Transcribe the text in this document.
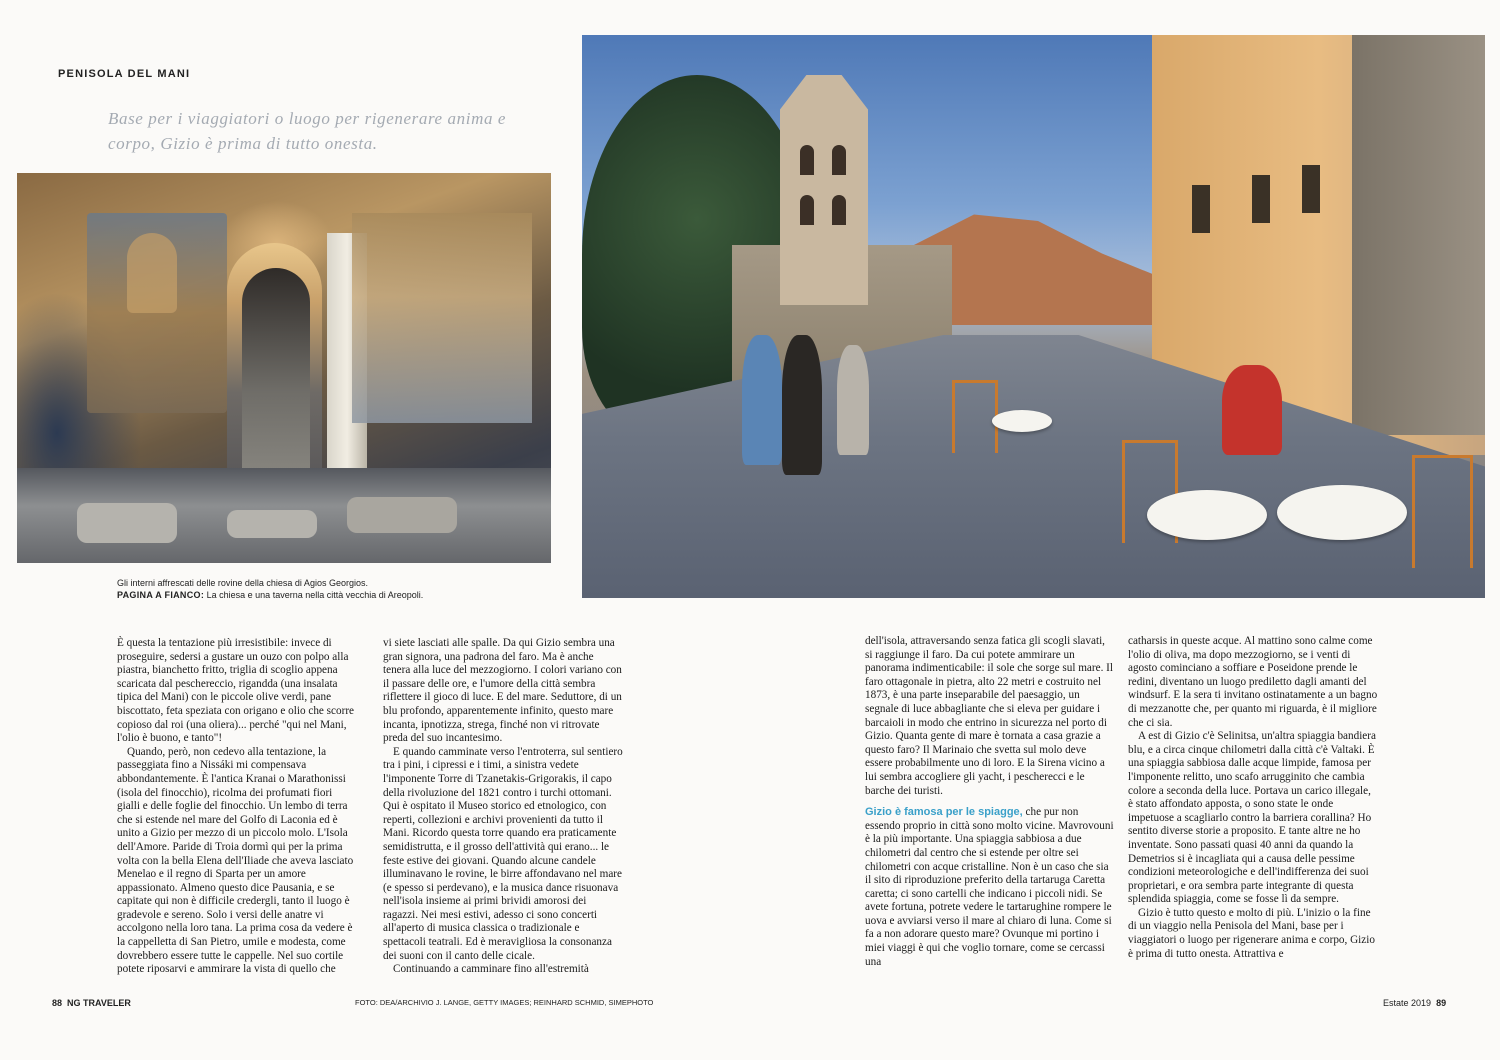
PENISOLA DEL MANI
Base per i viaggiatori o luogo per rigenerare anima e corpo, Gizio è prima di tutto onesta.
Gli interni affrescati delle rovine della chiesa di Agios Georgios.
PAGINA A FIANCO: La chiesa e una taverna nella città vecchia di Areopoli.

È questa la tentazione più irresistibile: invece di proseguire, sedersi a gustare un ouzo con polpo alla piastra, bianchetto fritto, triglia di scoglio appena scaricata dal peschereccio, rigandda (una insalata tipica del Mani) con le piccole olive verdi, pane biscottato, feta speziata con origano e olio che scorre copioso dal roi (una oliera)... perché "qui nel Mani, l'olio è buono, e tanto"!

Quando, però, non cedevo alla tentazione, la passeggiata fino a Nissáki mi compensava abbondantemente. È l'antica Kranai o Marathonissi (isola del finocchio), ricolma dei profumati fiori gialli e delle foglie del finocchio. Un lembo di terra che si estende nel mare del Golfo di Laconia ed è unito a Gizio per mezzo di un piccolo molo. L'Isola dell'Amore. Paride di Troia dormì qui per la prima volta con la bella Elena dell'Iliade che aveva lasciato Menelao e il regno di Sparta per un amore appassionato. Almeno questo dice Pausania, e se capitate qui non è difficile credergli, tanto il luogo è gradevole e sereno. Solo i versi delle anatre vi accolgono nella loro tana. La prima cosa da vedere è la cappelletta di San Pietro, umile e modesta, come dovrebbero essere tutte le cappelle. Nel suo cortile potete riposarvi e ammirare la vista di quello che

vi siete lasciati alle spalle. Da qui Gizio sembra una gran signora, una padrona del faro. Ma è anche tenera alla luce del mezzogiorno. I colori variano con il passare delle ore, e l'umore della città sembra riflettere il gioco di luce. E del mare. Seduttore, di un blu profondo, apparentemente infinito, questo mare incanta, ipnotizza, strega, finché non vi ritrovate preda del suo incantesimo.

E quando camminate verso l'entroterra, sul sentiero tra i pini, i cipressi e i timi, a sinistra vedete l'imponente Torre di Tzanetakis-Grigorakis, il capo della rivoluzione del 1821 contro i turchi ottomani. Qui è ospitato il Museo storico ed etnologico, con reperti, collezioni e archivi provenienti da tutto il Mani. Ricordo questa torre quando era praticamente semidistrutta, e il grosso dell'attività qui erano... le feste estive dei giovani. Quando alcune candele illuminavano le rovine, le birre affondavano nel mare (e spesso si perdevano), e la musica dance risuonava nell'isola insieme ai primi brividi amorosi dei ragazzi. Nei mesi estivi, adesso ci sono concerti all'aperto di musica classica o tradizionale e spettacoli teatrali. Ed è meravigliosa la consonanza dei suoni con il canto delle cicale.

Continuando a camminare fino all'estremità

88 NG TRAVELER	FOTO: DEA/ARCHIVIO J. LANGE, GETTY IMAGES; REINHARD SCHMID, SIMEPHOTO

dell'isola, attraversando senza fatica gli scogli slavati, si raggiunge il faro. Da cui potete ammirare un panorama indimenticabile: il sole che sorge sul mare. Il faro ottagonale in pietra, alto 22 metri e costruito nel 1873, è una parte inseparabile del paesaggio, un segnale di luce abbagliante che si eleva per guidare i barcaioli in modo che entrino in sicurezza nel porto di Gizio. Quanta gente di mare è tornata a casa grazie a questo faro? Il Marinaio che svetta sul molo deve essere probabilmente uno di loro. E la Sirena vicino a lui sembra accogliere gli yacht, i pescherecci e le barche dei turisti.

Gizio è famosa per le spiagge, che pur non essendo proprio in città sono molto vicine. Mavrovouni è la più importante. Una spiaggia sabbiosa a due chilometri dal centro che si estende per oltre sei chilometri con acque cristalline. Non è un caso che sia il sito di riproduzione preferito della tartaruga Caretta caretta; ci sono cartelli che indicano i piccoli nidi. Se avete fortuna, potrete vedere le tartarughine rompere le uova e avviarsi verso il mare al chiaro di luna. Come si fa a non adorare questo mare? Ovunque mi portino i miei viaggi è qui che voglio tornare, come se cercassi una

catharsis in queste acque. Al mattino sono calme come l'olio di oliva, ma dopo mezzogiorno, se i venti di agosto cominciano a soffiare e Poseidone prende le redini, diventano un luogo prediletto dagli amanti del windsurf. E la sera ti invitano ostinatamente a un bagno di mezzanotte che, per quanto mi riguarda, è il migliore che ci sia.

A est di Gizio c'è Selinitsa, un'altra spiaggia bandiera blu, e a circa cinque chilometri dalla città c'è Valtaki. È una spiaggia sabbiosa dalle acque limpide, famosa per l'imponente relitto, uno scafo arrugginito che cambia colore a seconda della luce. Portava un carico illegale, è stato affondato apposta, o sono state le onde impetuose a scagliarlo contro la barriera corallina? Ho sentito diverse storie a proposito. E tante altre ne ho inventate. Sono passati quasi 40 anni da quando la Demetrios si è incagliata qui a causa delle pessime condizioni meteorologiche e dell'indifferenza dei suoi proprietari, e ora sembra parte integrante di questa splendida spiaggia, come se fosse lì da sempre.

Gizio è tutto questo e molto di più. L'inizio o la fine di un viaggio nella Penisola del Mani, base per i viaggiatori o luogo per rigenerare anima e corpo, Gizio è prima di tutto onesta. Attrattiva e

Estate 2019 89
